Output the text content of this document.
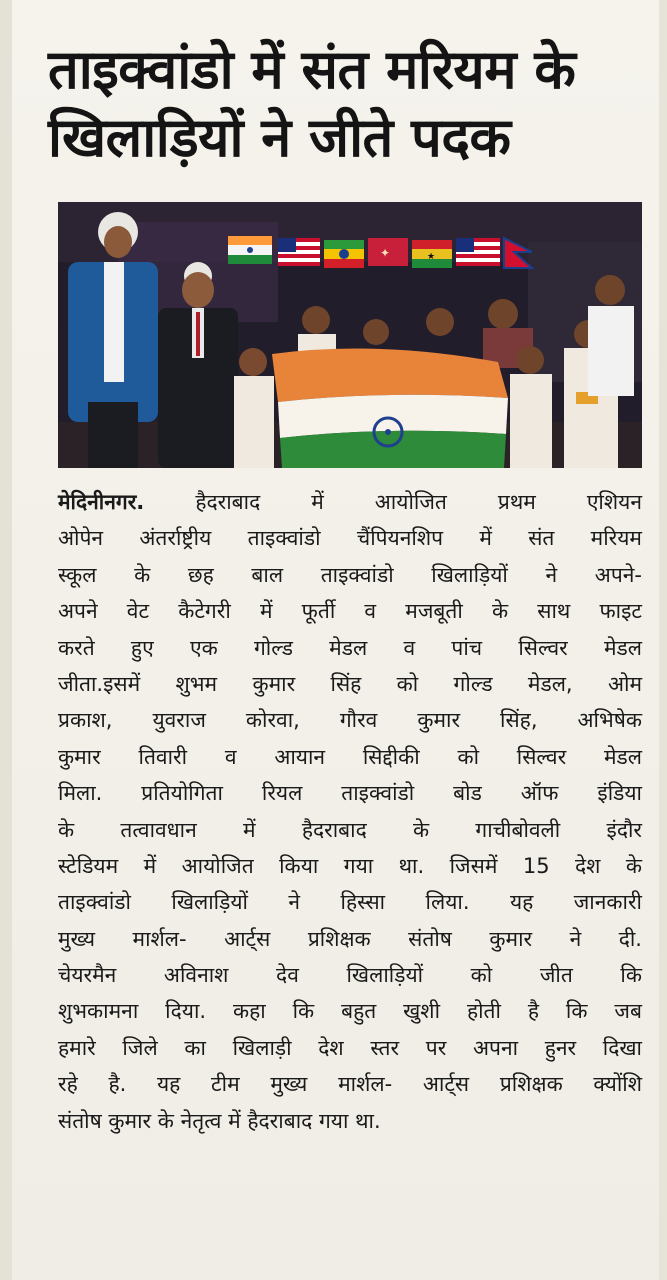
ताइक्वांडो में संत मरियम के
खिलाड़ियों ने जीते पदक
✦	★
मेदिनीनगर. हैदराबाद में आयोजित प्रथम एशियन
ओपेन अंतर्राष्ट्रीय ताइक्वांडो चैंपियनशिप में संत मरियम
स्कूल के छह बाल ताइक्वांडो खिलाड़ियों ने अपने-
अपने वेट कैटेगरी में फूर्ती व मजबूती के साथ फाइट
करते हुए एक गोल्ड मेडल व पांच सिल्वर मेडल
जीता.इसमें शुभम कुमार सिंह को गोल्ड मेडल, ओम
प्रकाश, युवराज कोरवा, गौरव कुमार सिंह, अभिषेक
कुमार तिवारी व आयान सिद्दीकी को सिल्वर मेडल
मिला. प्रतियोगिता रियल ताइक्वांडो बोड ऑफ इंडिया
के तत्वावधान में हैदराबाद के गाचीबोवली इंदौर
स्टेडियम में आयोजित किया गया था. जिसमें 15 देश के
ताइक्वांडो खिलाड़ियों ने हिस्सा लिया. यह जानकारी
मुख्य मार्शल- आर्ट्स प्रशिक्षक संतोष कुमार ने दी.
चेयरमैन अविनाश देव खिलाड़ियों को जीत कि
शुभकामना दिया. कहा कि बहुत खुशी होती है कि जब
हमारे जिले का खिलाड़ी देश स्तर पर अपना हुनर दिखा
रहे है. यह टीम मुख्य मार्शल- आर्ट्स प्रशिक्षक क्योंशि
संतोष कुमार के नेतृत्व में हैदराबाद गया था.
